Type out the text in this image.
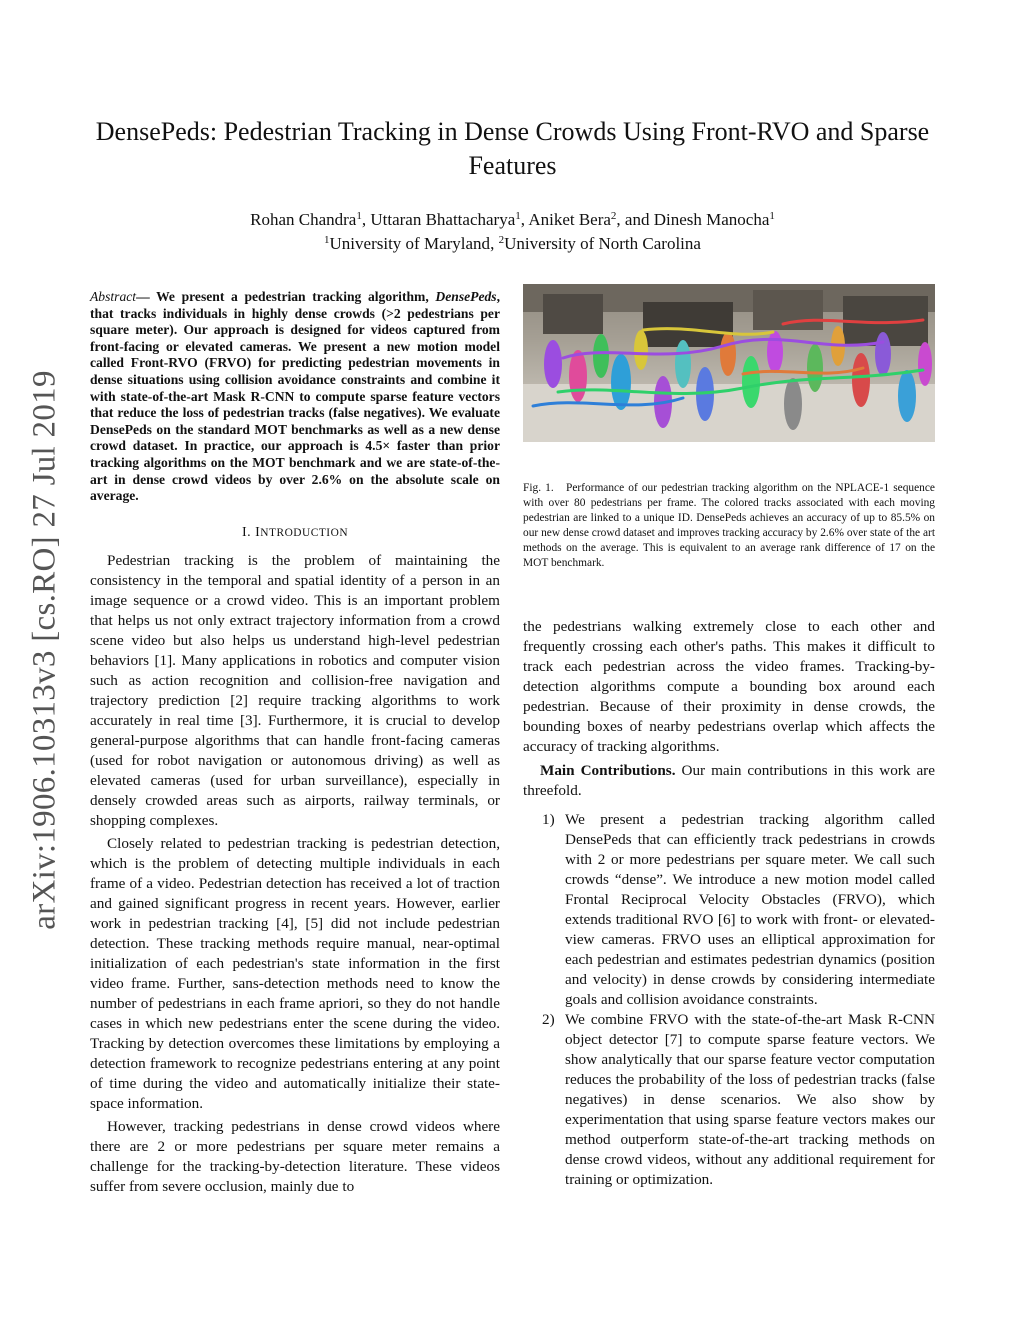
arXiv:1906.10313v3 [cs.RO] 27 Jul 2019
DensePeds: Pedestrian Tracking in Dense Crowds Using Front-RVO and Sparse Features
Rohan Chandra$^1$, Uttaran Bhattacharya$^1$, Aniket Bera$^2$, and Dinesh Manocha$^1$
$^1$University of Maryland, $^2$University of North Carolina

Abstract— We present a pedestrian tracking algorithm, DensePeds, that tracks individuals in highly dense crowds (>2 pedestrians per square meter). Our approach is designed for videos captured from front-facing or elevated cameras. We present a new motion model called Front-RVO (FRVO) for predicting pedestrian movements in dense situations using collision avoidance constraints and combine it with state-of-the-art Mask R-CNN to compute sparse feature vectors that reduce the loss of pedestrian tracks (false negatives). We evaluate DensePeds on the standard MOT benchmarks as well as a new dense crowd dataset. In practice, our approach is 4.5× faster than prior tracking algorithms on the MOT benchmark and we are state-of-the-art in dense crowd videos by over 2.6% on the absolute scale on average.

I. INTRODUCTION

Pedestrian tracking is the problem of maintaining the consistency in the temporal and spatial identity of a person in an image sequence or a crowd video. This is an important problem that helps us not only extract trajectory information from a crowd scene video but also helps us understand high-level pedestrian behaviors [1]. Many applications in robotics and computer vision such as action recognition and collision-free navigation and trajectory prediction [2] require tracking algorithms to work accurately in real time [3]. Furthermore, it is crucial to develop general-purpose algorithms that can handle front-facing cameras (used for robot navigation or autonomous driving) as well as elevated cameras (used for urban surveillance), especially in densely crowded areas such as airports, railway terminals, or shopping complexes.

Closely related to pedestrian tracking is pedestrian detection, which is the problem of detecting multiple individuals in each frame of a video. Pedestrian detection has received a lot of traction and gained significant progress in recent years. However, earlier work in pedestrian tracking [4], [5] did not include pedestrian detection. These tracking methods require manual, near-optimal initialization of each pedestrian's state information in the first video frame. Further, sans-detection methods need to know the number of pedestrians in each frame apriori, so they do not handle cases in which new pedestrians enter the scene during the video. Tracking by detection overcomes these limitations by employing a detection framework to recognize pedestrians entering at any point of time during the video and automatically initialize their state-space information.

However, tracking pedestrians in dense crowd videos where there are 2 or more pedestrians per square meter remains a challenge for the tracking-by-detection literature. These videos suffer from severe occlusion, mainly due to

Fig. 1. Performance of our pedestrian tracking algorithm on the NPLACE-1 sequence with over 80 pedestrians per frame. The colored tracks associated with each moving pedestrian are linked to a unique ID. DensePeds achieves an accuracy of up to 85.5% on our new dense crowd dataset and improves tracking accuracy by 2.6% over state of the art methods on the average. This is equivalent to an average rank difference of 17 on the MOT benchmark.

the pedestrians walking extremely close to each other and frequently crossing each other's paths. This makes it difficult to track each pedestrian across the video frames. Tracking-by-detection algorithms compute a bounding box around each pedestrian. Because of their proximity in dense crowds, the bounding boxes of nearby pedestrians overlap which affects the accuracy of tracking algorithms.

Main Contributions. Our main contributions in this work are threefold.

1) We present a pedestrian tracking algorithm called DensePeds that can efficiently track pedestrians in crowds with 2 or more pedestrians per square meter. We call such crowds “dense”. We introduce a new motion model called Frontal Reciprocal Velocity Obstacles (FRVO), which extends traditional RVO [6] to work with front- or elevated-view cameras. FRVO uses an elliptical approximation for each pedestrian and estimates pedestrian dynamics (position and velocity) in dense crowds by considering intermediate goals and collision avoidance constraints.
2) We combine FRVO with the state-of-the-art Mask R-CNN object detector [7] to compute sparse feature vectors. We show analytically that our sparse feature vector computation reduces the probability of the loss of pedestrian tracks (false negatives) in dense scenarios. We also show by experimentation that using sparse feature vectors makes our method outperform state-of-the-art tracking methods on dense crowd videos, without any additional requirement for training or optimization.
